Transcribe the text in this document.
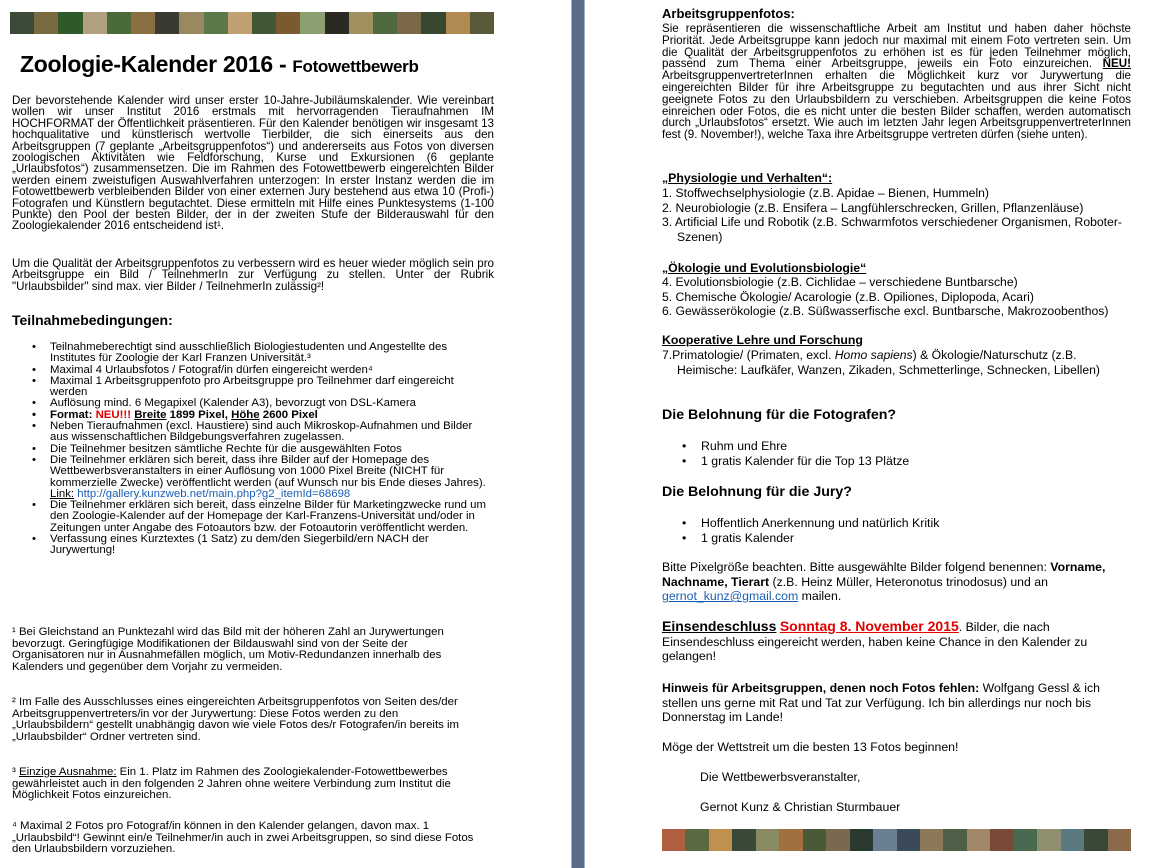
Zoologie-Kalender 2016 - Fotowettbewerb
Der bevorstehende Kalender wird unser erster 10-Jahre-Jubiläumskalender. Wie vereinbart wollen wir unser Institut 2016 erstmals mit hervorragenden Tieraufnahmen IM HOCHFORMAT der Öffentlichkeit präsentieren. Für den Kalender benötigen wir insgesamt 13 hochqualitative und künstlerisch wertvolle Tierbilder, die sich einerseits aus den Arbeitsgruppen (7 geplante „Arbeitsgruppenfotos“) und andererseits aus Fotos von diversen zoologischen Aktivitäten wie Feldforschung, Kurse und Exkursionen (6 geplante „Urlaubsfotos“) zusammensetzen. Die im Rahmen des Fotowettbewerb eingereichten Bilder werden einem zweistufigen Auswahlverfahren unterzogen: In erster Instanz werden die im Fotowettbewerb verbleibenden Bilder von einer externen Jury bestehend aus etwa 10 (Profi-) Fotografen und Künstlern begutachtet. Diese ermitteln mit Hilfe eines Punktesystems (1-100 Punkte) den Pool der besten Bilder, der in der zweiten Stufe der Bilderauswahl für den Zoologiekalender 2016 entscheidend ist¹.
Um die Qualität der Arbeitsgruppenfotos zu verbessern wird es heuer wieder möglich sein pro Arbeitsgruppe ein Bild / TeilnehmerIn zur Verfügung zu stellen. Unter der Rubrik "Urlaubsbilder" sind max. vier Bilder / TeilnehmerIn zulässig²!
Teilnahmebedingungen:
• Teilnahmeberechtigt sind ausschließlich Biologiestudenten und Angestellte des Institutes für Zoologie der Karl Franzen Universität.³
• Maximal 4 Urlaubsfotos / Fotograf/in dürfen eingereicht werden⁴
• Maximal 1 Arbeitsgruppenfoto pro Arbeitsgruppe pro Teilnehmer darf eingereicht werden
• Auflösung mind. 6 Megapixel (Kalender A3), bevorzugt von DSL-Kamera
• Format: NEU!!! Breite 1899 Pixel, Höhe 2600 Pixel
• Neben Tieraufnahmen (excl. Haustiere) sind auch Mikroskop-Aufnahmen und Bilder aus wissenschaftlichen Bildgebungsverfahren zugelassen.
• Die Teilnehmer besitzen sämtliche Rechte für die ausgewählten Fotos
• Die Teilnehmer erklären sich bereit, dass ihre Bilder auf der Homepage des Wettbewerbsveranstalters in einer Auflösung von 1000 Pixel Breite (NICHT für kommerzielle Zwecke) veröffentlicht werden (auf Wunsch nur bis Ende dieses Jahres).
Link: http://gallery.kunzweb.net/main.php?g2_itemId=68698
• Die Teilnehmer erklären sich bereit, dass einzelne Bilder für Marketingzwecke rund um den Zoologie-Kalender auf der Homepage der Karl-Franzens-Universität und/oder in Zeitungen unter Angabe des Fotoautors bzw. der Fotoautorin veröffentlicht werden.
• Verfassung eines Kurztextes (1 Satz) zu dem/den Siegerbild/ern NACH der Jurywertung!
¹ Bei Gleichstand an Punktezahl wird das Bild mit der höheren Zahl an Jurywertungen bevorzugt. Geringfügige Modifikationen der Bildauswahl sind von der Seite der Organisatoren nur in Ausnahmefällen möglich, um Motiv-Redundanzen innerhalb des Kalenders und gegenüber dem Vorjahr zu vermeiden.
² Im Falle des Ausschlusses eines eingereichten Arbeitsgruppenfotos von Seiten des/der Arbeitsgruppenvertreters/in vor der Jurywertung: Diese Fotos werden zu den „Urlaubsbildern“ gestellt unabhängig davon wie viele Fotos des/r Fotografen/in bereits im „Urlaubsbilder“ Ordner vertreten sind.
³ Einzige Ausnahme: Ein 1. Platz im Rahmen des Zoologiekalender-Fotowettbewerbes gewährleistet auch in den folgenden 2 Jahren ohne weitere Verbindung zum Institut die Möglichkeit Fotos einzureichen.
⁴ Maximal 2 Fotos pro Fotograf/in können in den Kalender gelangen, davon max. 1 „Urlaubsbild“! Gewinnt ein/e Teilnehmer/in auch in zwei Arbeitsgruppen, so sind diese Fotos den Urlaubsbildern vorzuziehen.
Arbeitsgruppenfotos:
Sie repräsentieren die wissenschaftliche Arbeit am Institut und haben daher höchste Priorität. Jede Arbeitsgruppe kann jedoch nur maximal mit einem Foto vertreten sein. Um die Qualität der Arbeitsgruppenfotos zu erhöhen ist es für jeden Teilnehmer möglich, passend zum Thema einer Arbeitsgruppe, jeweils ein Foto einzureichen. NEU! ArbeitsgruppenvertreterInnen erhalten die Möglichkeit kurz vor Jurywertung die eingereichten Bilder für ihre Arbeitsgruppe zu begutachten und aus ihrer Sicht nicht geeignete Fotos zu den Urlaubsbildern zu verschieben. Arbeitsgruppen die keine Fotos einreichen oder Fotos, die es nicht unter die besten Bilder schaffen, werden automatisch durch „Urlaubsfotos“ ersetzt. Wie auch im letzten Jahr legen ArbeitsgruppenvertreterInnen fest (9. November!), welche Taxa ihre Arbeitsgruppe vertreten dürfen (siehe unten).
„Physiologie und Verhalten“:
1. Stoffwechselphysiologie (z.B. Apidae – Bienen, Hummeln)
2. Neurobiologie (z.B. Ensifera – Langfühlerschrecken, Grillen, Pflanzenläuse)
3. Artificial Life und Robotik (z.B. Schwarmfotos verschiedener Organismen, Roboter-
Szenen)
„Ökologie und Evolutionsbiologie“
4. Evolutionsbiologie (z.B. Cichlidae – verschiedene Buntbarsche)
5. Chemische Ökologie/ Acarologie (z.B. Opiliones, Diplopoda, Acari)
6. Gewässerökologie (z.B. Süßwasserfische excl. Buntbarsche, Makrozoobenthos)
Kooperative Lehre und Forschung
7.Primatologie/ (Primaten, excl. Homo sapiens) & Ökologie/Naturschutz (z.B.
Heimische: Laufkäfer, Wanzen, Zikaden, Schmetterlinge, Schnecken, Libellen)
Die Belohnung für die Fotografen?
• Ruhm und Ehre
• 1 gratis Kalender für die Top 13 Plätze
Die Belohnung für die Jury?
• Hoffentlich Anerkennung und natürlich Kritik
• 1 gratis Kalender
Bitte Pixelgröße beachten. Bitte ausgewählte Bilder folgend benennen: Vorname, Nachname, Tierart (z.B. Heinz Müller, Heteronotus trinodosus) und an
gernot_kunz@gmail.com mailen.
Einsendeschluss Sonntag 8. November 2015. Bilder, die nach Einsendeschluss eingereicht werden, haben keine Chance in den Kalender zu gelangen!
Hinweis für Arbeitsgruppen, denen noch Fotos fehlen: Wolfgang Gessl & ich stellen uns gerne mit Rat und Tat zur Verfügung. Ich bin allerdings nur noch bis Donnerstag im Lande!
Möge der Wettstreit um die besten 13 Fotos beginnen!
Die Wettbewerbsveranstalter,
Gernot Kunz & Christian Sturmbauer
